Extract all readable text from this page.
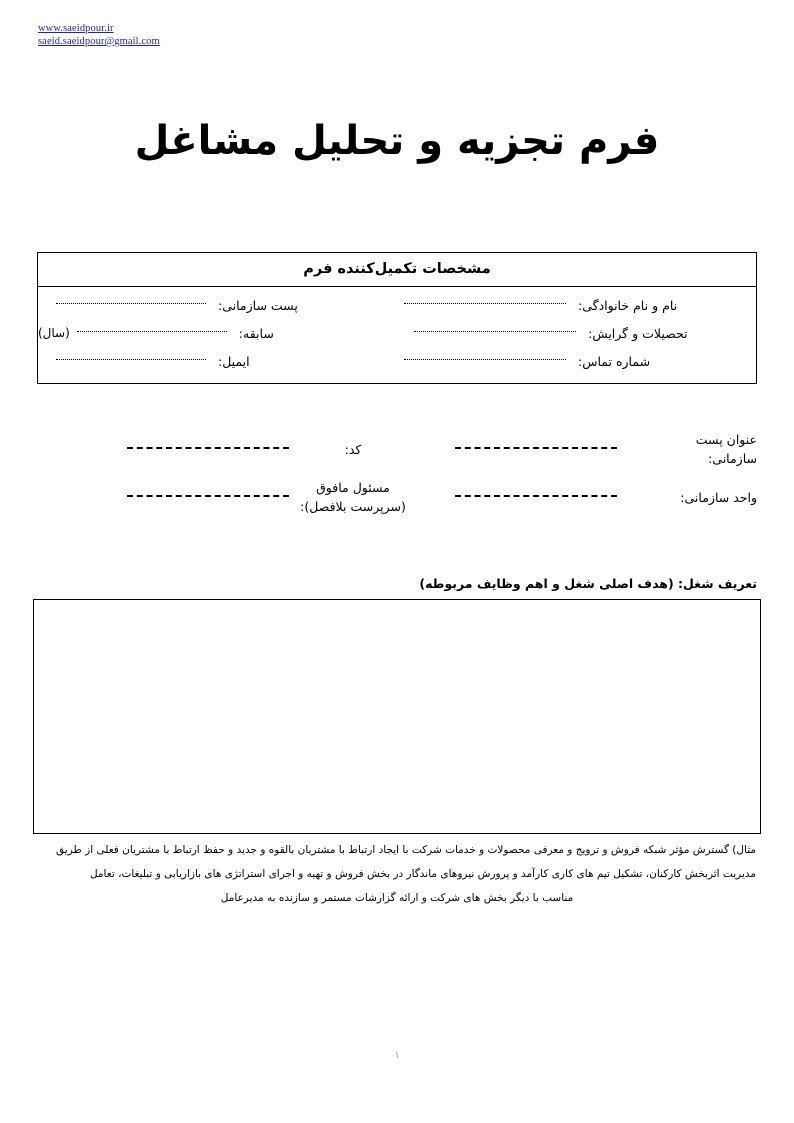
www.saeidpour.ir
saeid.saeidpour@gmail.com
فرم تجزیه و تحلیل مشاغل
مشخصات تکمیل‌کننده فرم
نام و نام خانوادگی:
پست سازمانی:
تحصیلات و گرایش:
سابقه:
(سال)
شماره تماس:
ایمیل:
عنوان پست
سازمانی:
کد:
واحد سازمانی:
مسئول مافوق
(سرپرست بلافصل):
تعریف شغل: (هدف اصلی شغل و اهم وظایف مربوطه)
مثال) گسترش مؤثر شبکه فروش و ترویج و معرفی محصولات و خدمات شرکت با ایجاد ارتباط با مشتریان بالقوه و جدید و حفظ ارتباط با مشتریان فعلی از طریق
مدیریت اثربخش کارکنان، تشکیل تیم های کاری کارآمد و پرورش نیروهای ماندگار در بخش فروش و تهیه و اجرای استراتژی های بازاریابی و تبلیغات، تعامل
مناسب با دیگر بخش های شرکت و ارائه گزارشات مستمر و سازنده به مدیرعامل
۱
